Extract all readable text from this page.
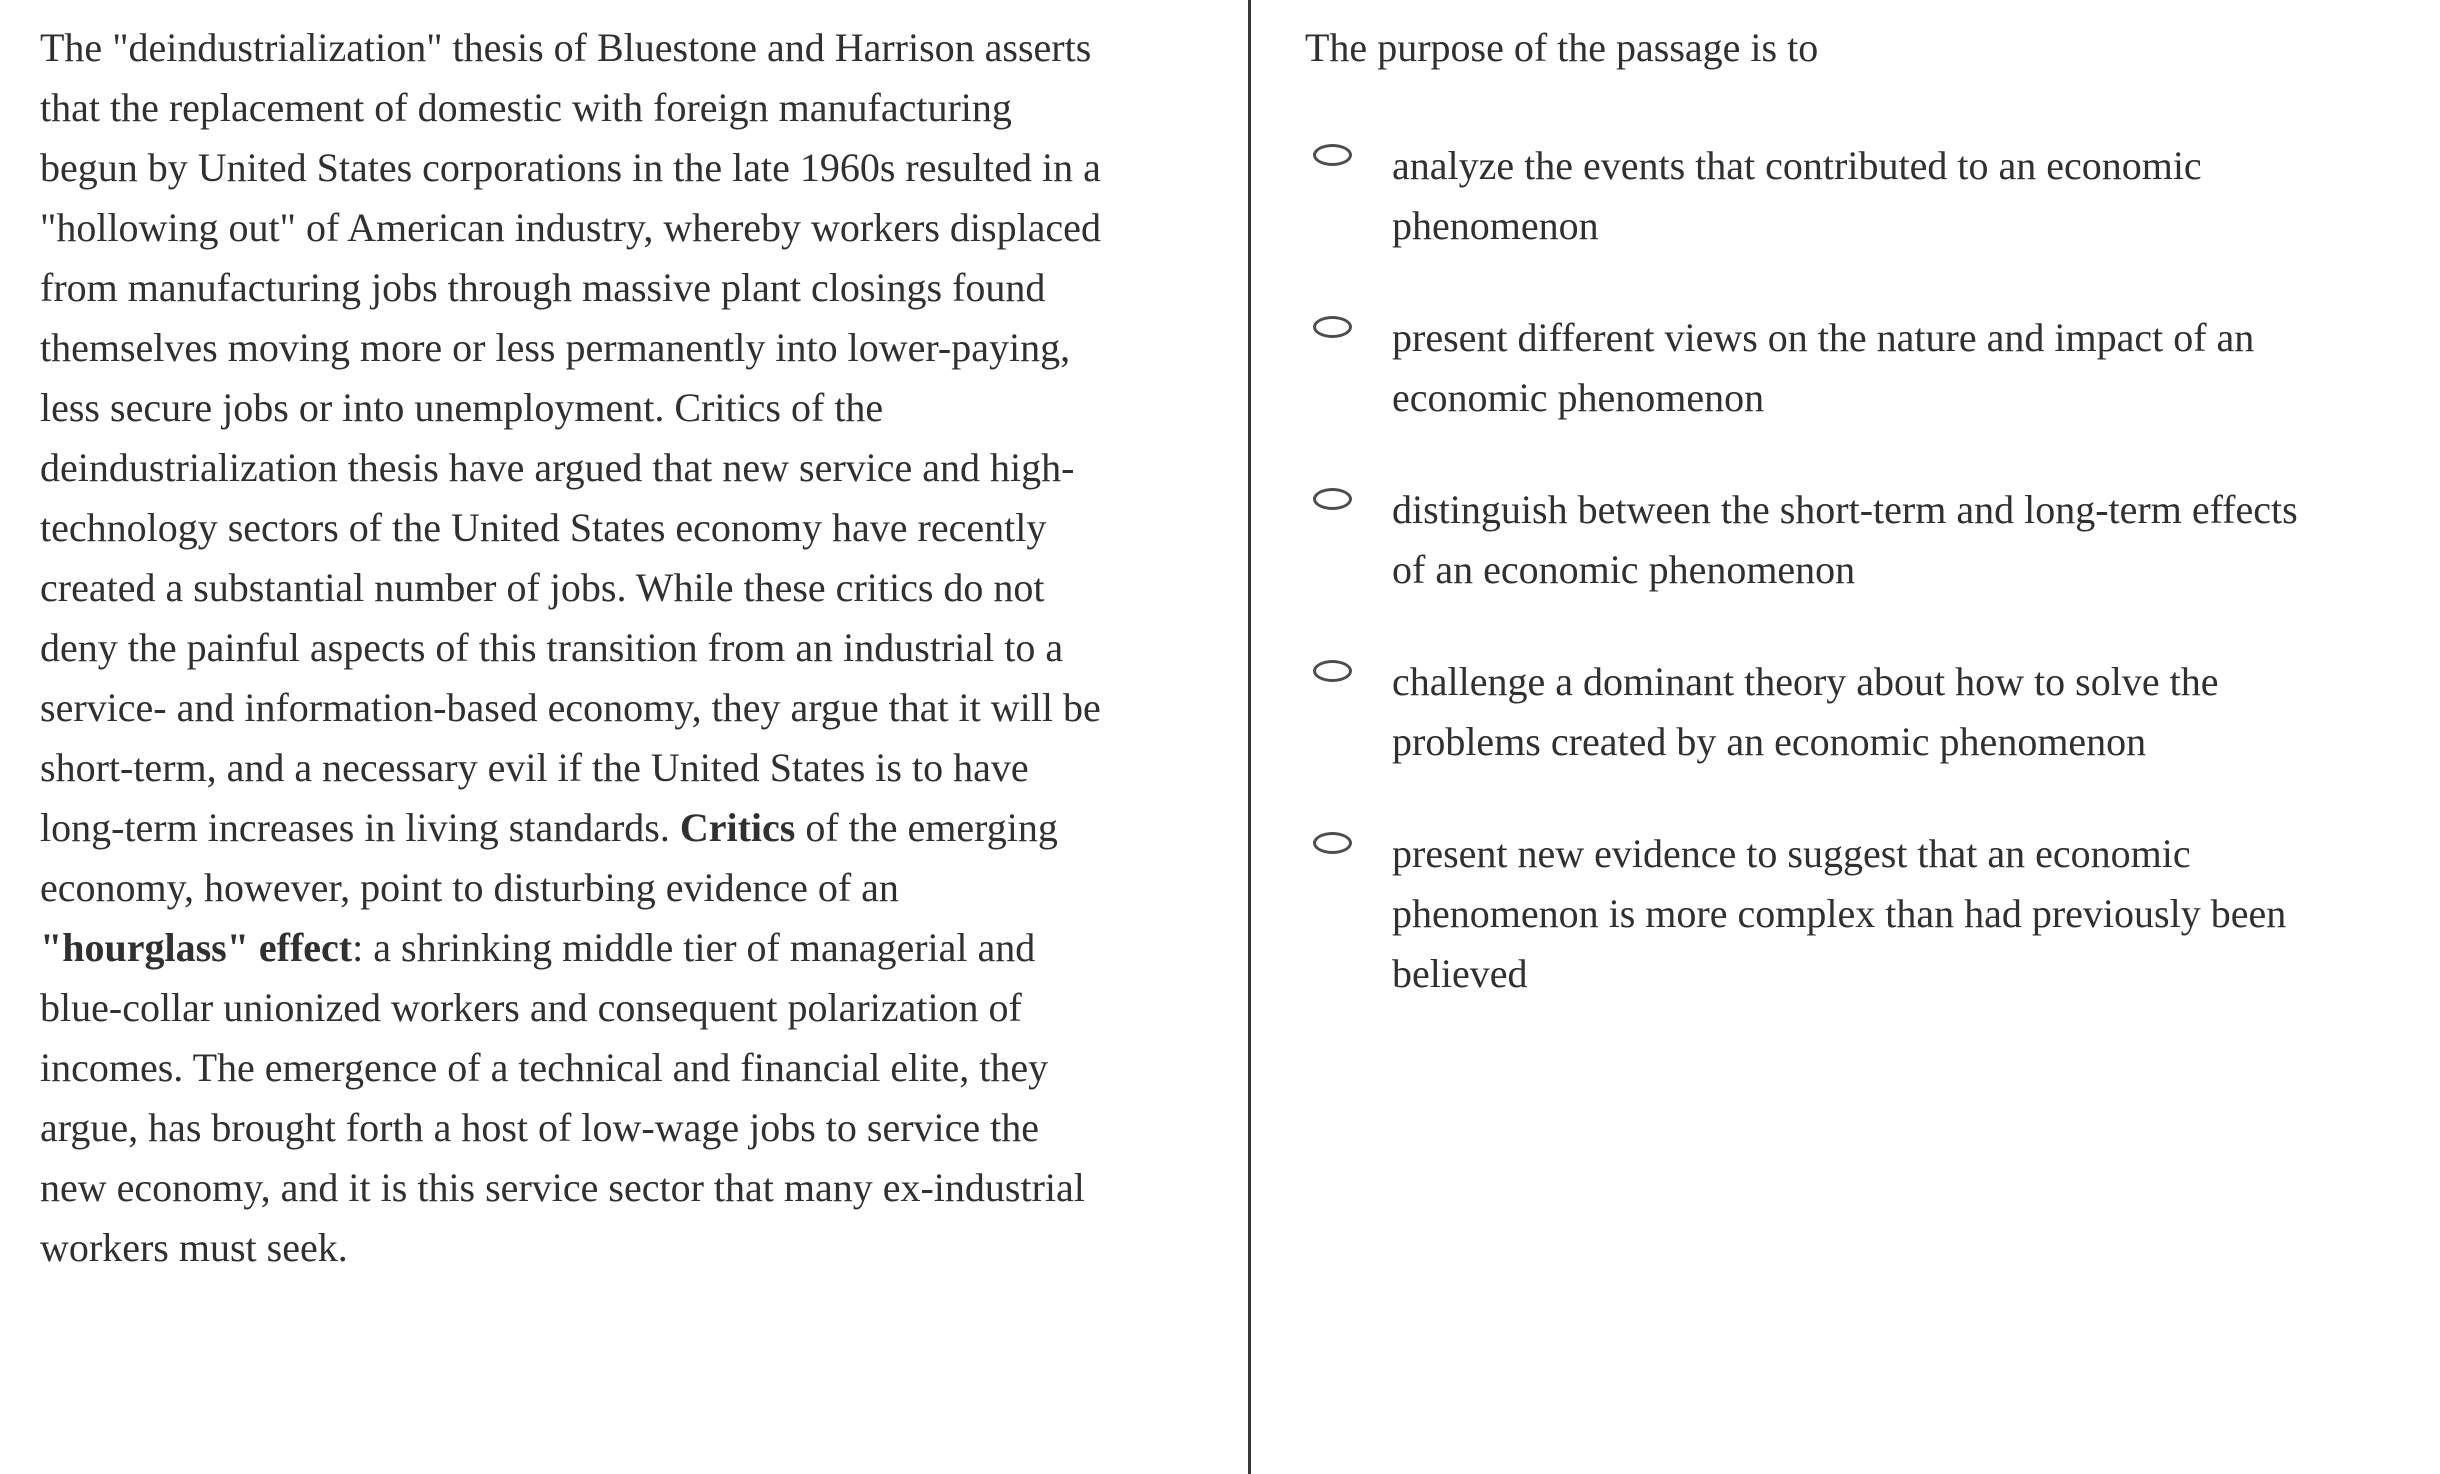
The "deindustrialization" thesis of Bluestone and Harrison asserts
that the replacement of domestic with foreign manufacturing
begun by United States corporations in the late 1960s resulted in a
"hollowing out" of American industry, whereby workers displaced
from manufacturing jobs through massive plant closings found
themselves moving more or less permanently into lower-paying,
less secure jobs or into unemployment. Critics of the
deindustrialization thesis have argued that new service and high-
technology sectors of the United States economy have recently
created a substantial number of jobs. While these critics do not
deny the painful aspects of this transition from an industrial to a
service- and information-based economy, they argue that it will be
short-term, and a necessary evil if the United States is to have
long-term increases in living standards. Critics of the emerging
economy, however, point to disturbing evidence of an
"hourglass" effect: a shrinking middle tier of managerial and
blue-collar unionized workers and consequent polarization of
incomes. The emergence of a technical and financial elite, they
argue, has brought forth a host of low-wage jobs to service the
new economy, and it is this service sector that many ex-industrial
workers must seek.
The purpose of the passage is to
analyze the events that contributed to an economic
phenomenon
present different views on the nature and impact of an
economic phenomenon
distinguish between the short-term and long-term effects
of an economic phenomenon
challenge a dominant theory about how to solve the
problems created by an economic phenomenon
present new evidence to suggest that an economic
phenomenon is more complex than had previously been
believed
